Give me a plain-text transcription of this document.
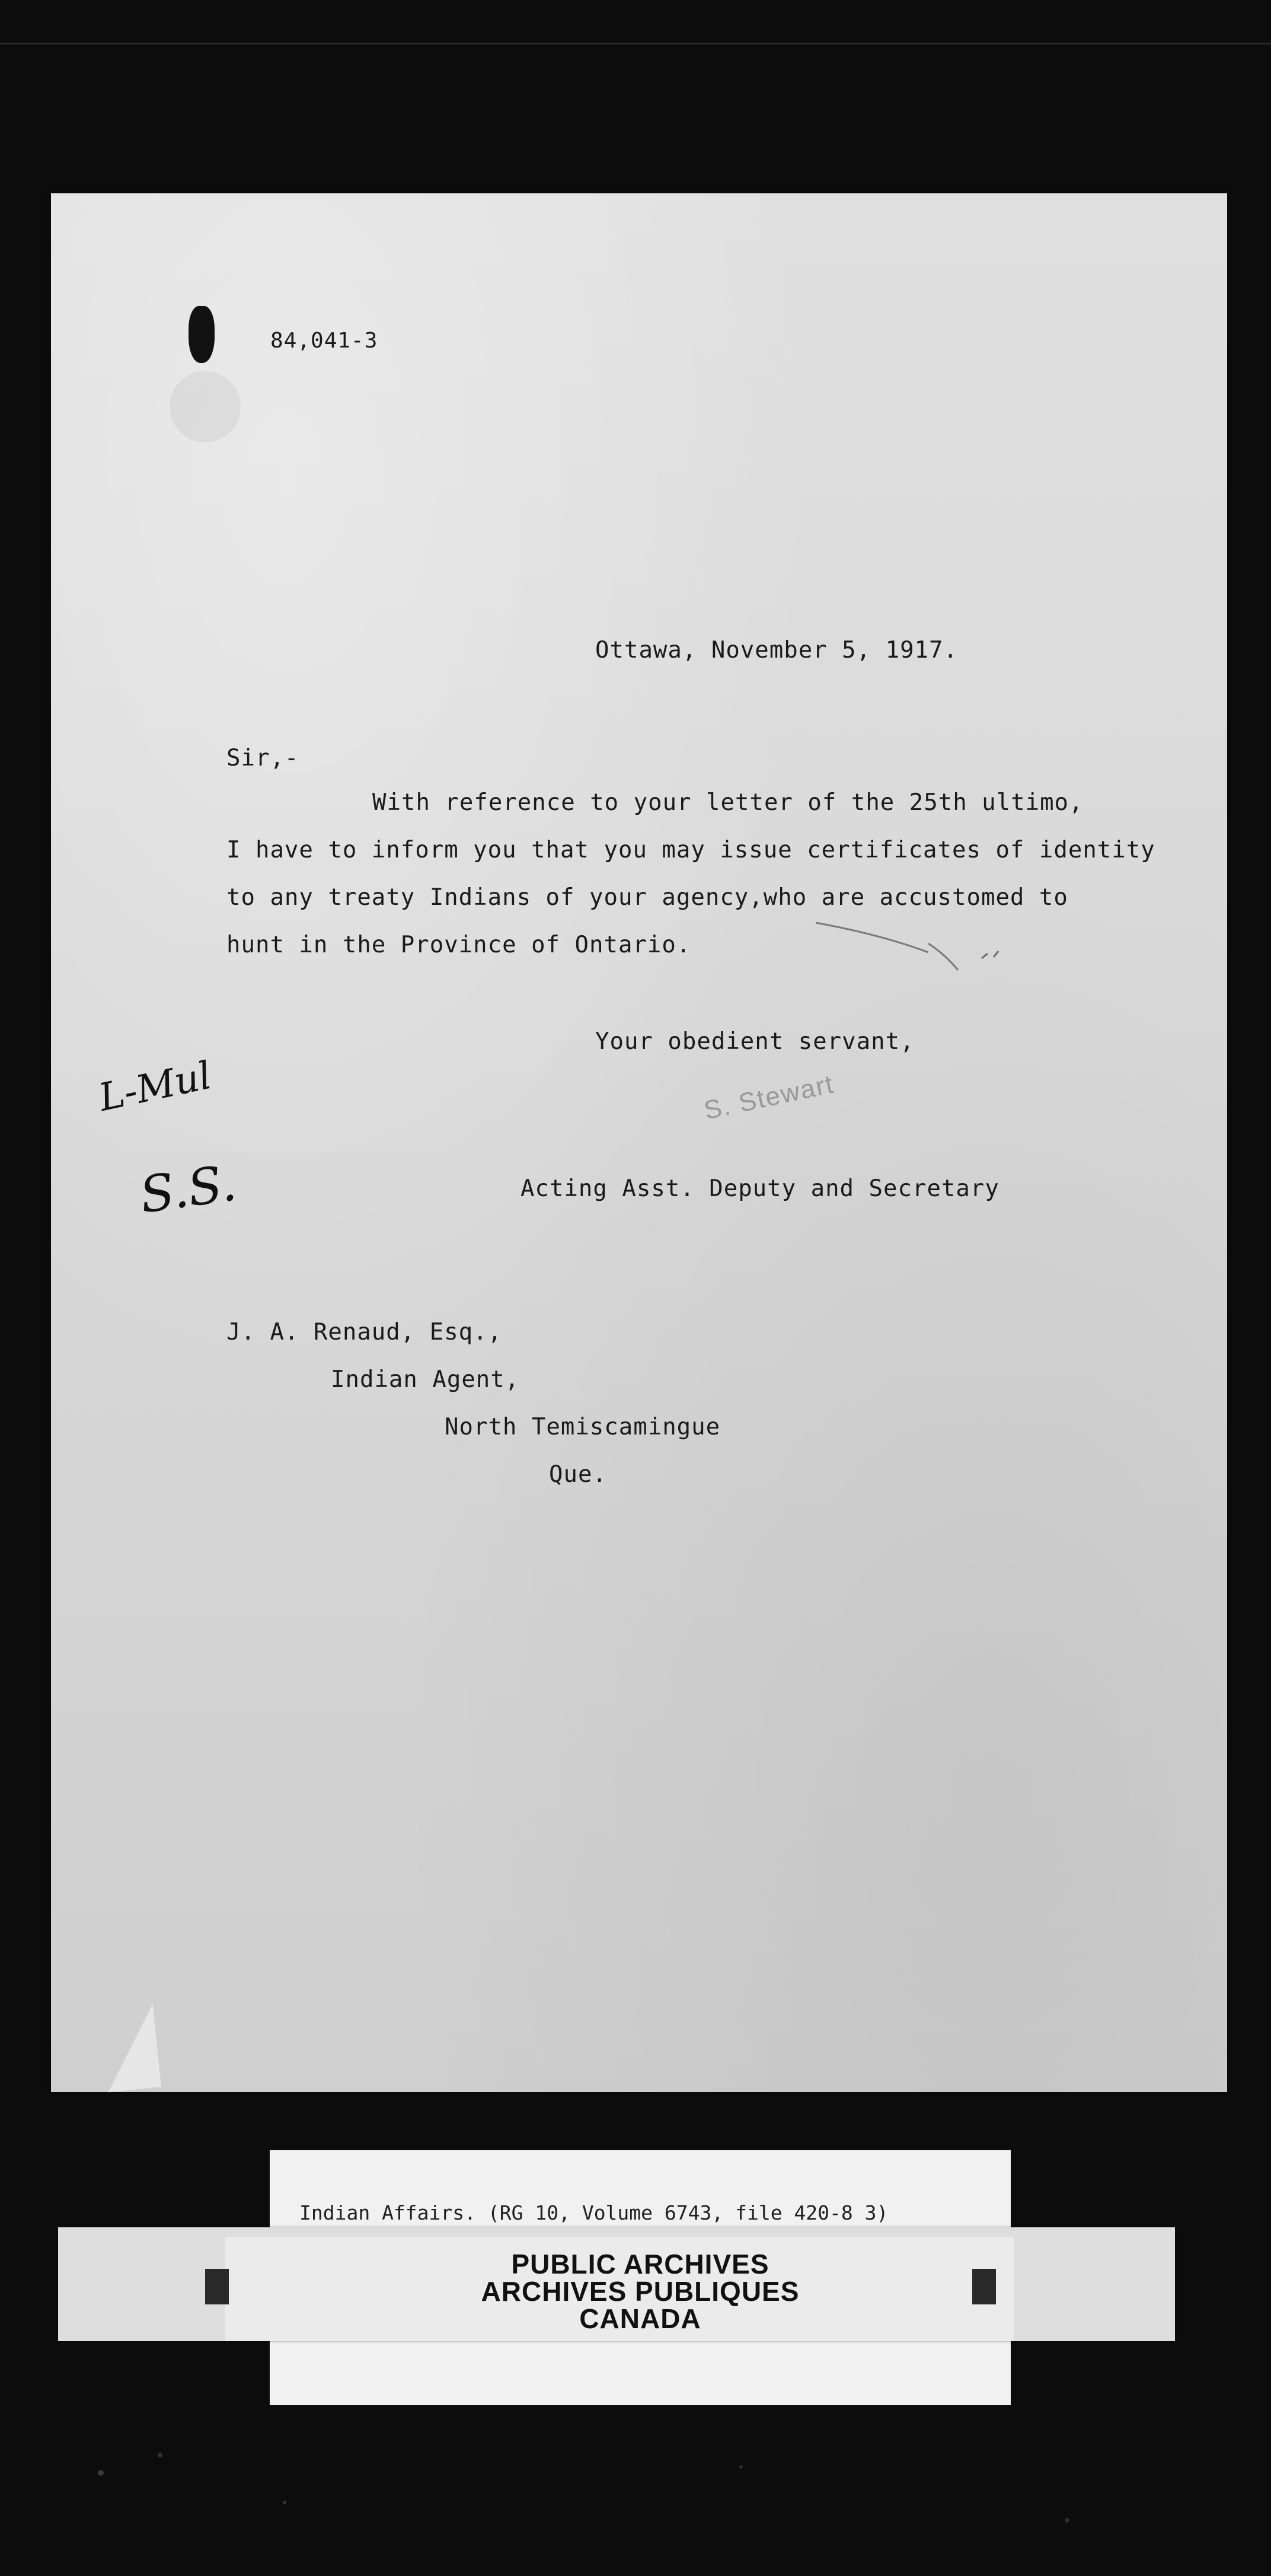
84,041-3
Ottawa, November 5, 1917.
Sir,-
With reference to your letter of the 25th ultimo,
I have to inform you that you may issue certificates of identity
to any treaty Indians of your agency,who are accustomed to
hunt in the Province of Ontario.
Your obedient servant,
S. Stewart
Acting Asst. Deputy and Secretary
J. A. Renaud, Esq.,
Indian Agent,
North Temiscamingue
Que.
L-Mul
S.S.
Indian Affairs. (RG 10, Volume 6743, file 420-8 3)
PUBLIC ARCHIVES
ARCHIVES PUBLIQUES
CANADA
